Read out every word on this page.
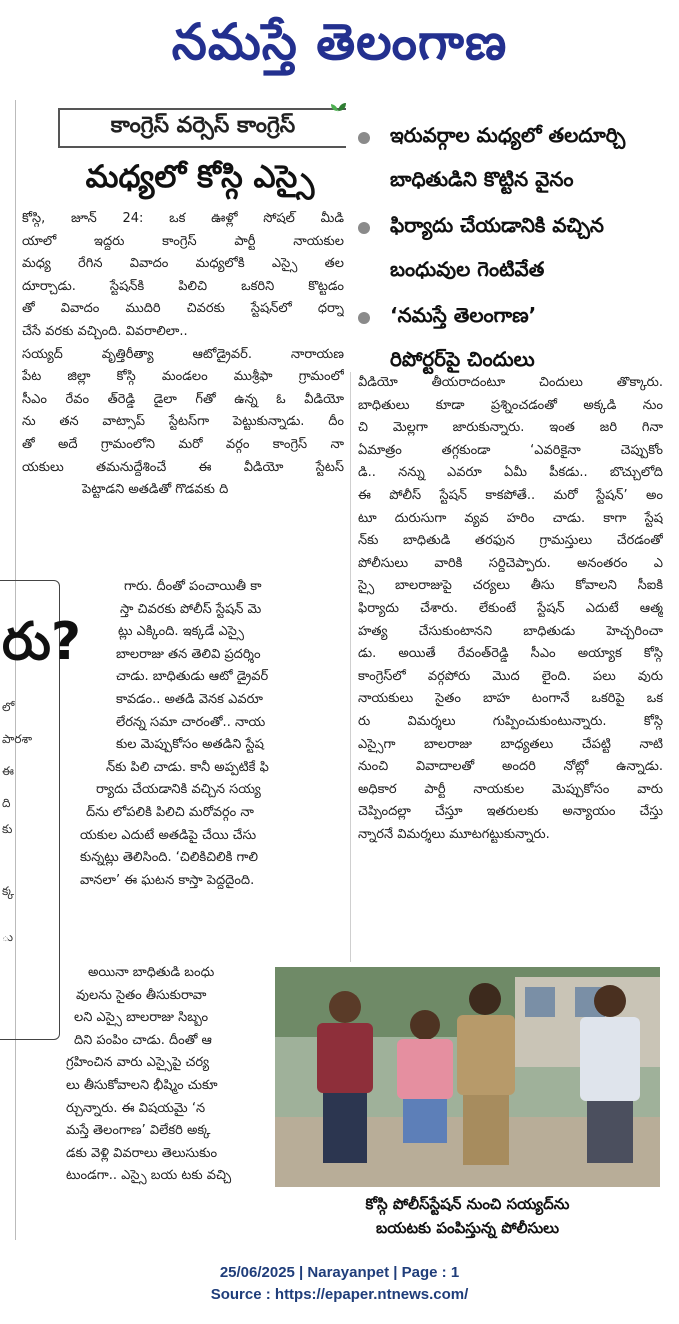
నమస్తే తెలంగాణ
రు?
లో
పారశా
ఈ
ది
కు
క్క
ు
కాంగ్రెస్ వర్సెస్ కాంగ్రెస్
మధ్యలో కోస్గి ఎస్సై
ఇరువర్గాల మధ్యలో తలదూర్చి
బాధితుడిని కొట్టిన వైనం
ఫిర్యాదు చేయడానికి వచ్చిన
బంధువుల గెంటివేత
‘నమస్తే తెలంగాణ’
రిపోర్టర్‌పై చిందులు
కోస్గి, జూన్ 24: ఒక ఊళ్లో సోషల్ మీడి
యాలో ఇద్దరు కాంగ్రెస్ పార్టీ నాయకుల
మధ్య రేగిన వివాదం మధ్యలోకి ఎస్సై తల
దూర్చాడు. స్టేషన్‌కి పిలిచి ఒకరిని కొట్టడం
తో వివాదం ముదిరి చివరకు స్టేషన్‌లో ధర్నా
చేసే వరకు వచ్చింది. వివరాలిలా..
సయ్యద్ వృత్తిరీత్యా ఆటోడ్రైవర్. నారాయణ
పేట జిల్లా కోస్గి మండలం ముశ్రీఫా గ్రామంలో
సీఎం రేవం త్‌రెడ్డి డైలా గ్‌తో ఉన్న ఓ వీడియో
ను తన వాట్సాప్ స్టేటస్‌గా పెట్టుకున్నాడు. దీం
తో అదే గ్రామంలోని మరో వర్గం కాంగ్రెస్ నా
యకులు తమనుద్దేశించే ఈ వీడియో స్టేటస్
పెట్టాడని అతడితో గొడవకు ది
గారు. దీంతో పంచాయితీ కా
స్తా చివరకు పోలీస్ స్టేషన్ మె
ట్లు ఎక్కింది. ఇక్కడే ఎస్సై
బాలరాజు తన తెలివి ప్రదర్శిం
చాడు. బాధితుడు ఆటో డ్రైవర్
కావడం.. అతడి వెనక ఎవరూ
లేరన్న సమా చారంతో.. నాయ
కుల మెప్పుకోసం అతడిని స్టేష
న్‌కు పిలి చాడు. కానీ అప్పటికే ఫి
ర్యాదు చేయడానికి వచ్చిన సయ్య
ద్‌ను లోపలికి పిలిచి మరోవర్గం నా
యకుల ఎదుటే అతడిపై చేయి చేసు
కున్నట్లు తెలిసింది. ‘చిలికిచిలికి గాలి
వానలా’ ఈ ఘటన కాస్తా పెద్దదైంది.
అయినా బాధితుడి బంధు
వులను సైతం తీసుకురావా
లని ఎస్సై బాలరాజు సిబ్బం
దిని పంపిం చాడు. దీంతో ఆ
గ్రహించిన వారు ఎస్సైపై చర్య
లు తీసుకోవాలని భీష్మిం చుకూ
ర్చున్నారు. ఈ విషయమై ‘న
మస్తే తెలంగాణ’ విలేకరి అక్క
డకు వెళ్లి వివరాలు తెలుసుకుం
టుండగా.. ఎస్సై బయ టకు వచ్చి
వీడియో తీయరాదంటూ చిందులు తొక్కారు.
బాధితులు కూడా ప్రశ్నించడంతో అక్కడి నుం
చి మెల్లగా జారుకున్నారు. ఇంత జరి గినా
ఏమాత్రం తగ్గకుండా ‘ఎవరికైనా చెప్పుకోం
డి.. నన్ను ఎవరూ ఏమీ పీకడు.. బొచ్చులోది
ఈ పోలీస్ స్టేషన్ కాకపోతే.. మరో స్టేషన్’ అం
టూ దురుసుగా వ్యవ హరిం చాడు. కాగా స్టేష
న్‌కు బాధితుడి తరఫున గ్రామస్తులు చేరడంతో
పోలీసులు వారికి సర్దిచెప్పారు. అనంతరం ఎ
స్సై బాలరాజుపై చర్యలు తీసు కోవాలని సీఐకి
ఫిర్యాదు చేశారు. లేకుంటే స్టేషన్ ఎదుటే ఆత్మ
హత్య చేసుకుంటానని బాధితుడు హెచ్చరించా
డు. అయితే రేవంత్‌రెడ్డి సీఎం అయ్యాక కోస్గి
కాంగ్రెస్‌లో వర్గపోరు మొద లైంది. పలు వురు
నాయకులు సైతం బాహ టంగానే ఒకరిపై ఒక
రు విమర్శలు గుప్పించుకుంటున్నారు. కోస్గి
ఎస్సైగా బాలరాజు బాధ్యతలు చేపట్టి నాటి
నుంచి వివాదాలతో అందరి నోట్లో ఉన్నాడు.
అధికార పార్టీ నాయకుల మెప్పుకోసం వారు
చెప్పిందల్లా చేస్తూ ఇతరులకు అన్యాయం చేస్తు
న్నారనే విమర్శలు మూటగట్టుకున్నారు.
కోస్గి పోలీస్‌స్టేషన్ నుంచి సయ్యద్‌ను
బయటకు పంపిస్తున్న పోలీసులు
25/06/2025 | Narayanpet | Page : 1
Source : https://epaper.ntnews.com/
